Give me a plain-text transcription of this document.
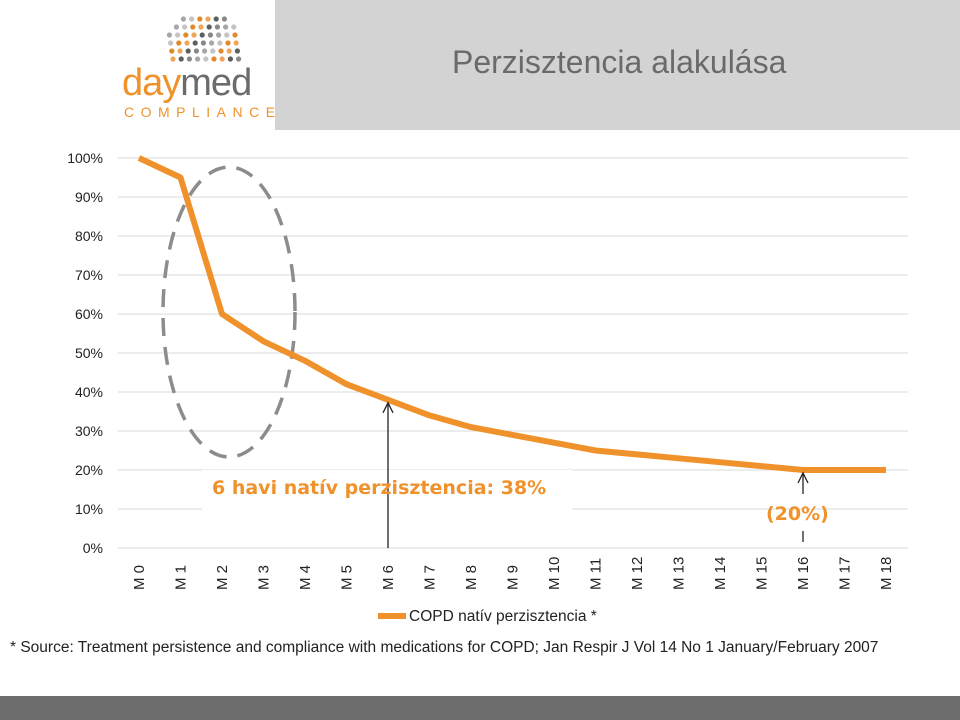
daymed
COMPLIANCE
Perzisztencia alakulása
0%
10%
20%
30%
40%
50%
60%
70%
80%
90%
100%
M 0 M 1 M 2 M 3 M 4 M 5 M 6 M 7 M 8 M 9 M 10 M 11 M 12 M 13 M 14 M 15 M 16 M 17 M 18
6 havi natív perzisztencia: 38%
(20%)
COPD natív perzisztencia *
* Source: Treatment persistence and compliance with medications for COPD; Jan Respir J Vol 14 No 1 January/February 2007
